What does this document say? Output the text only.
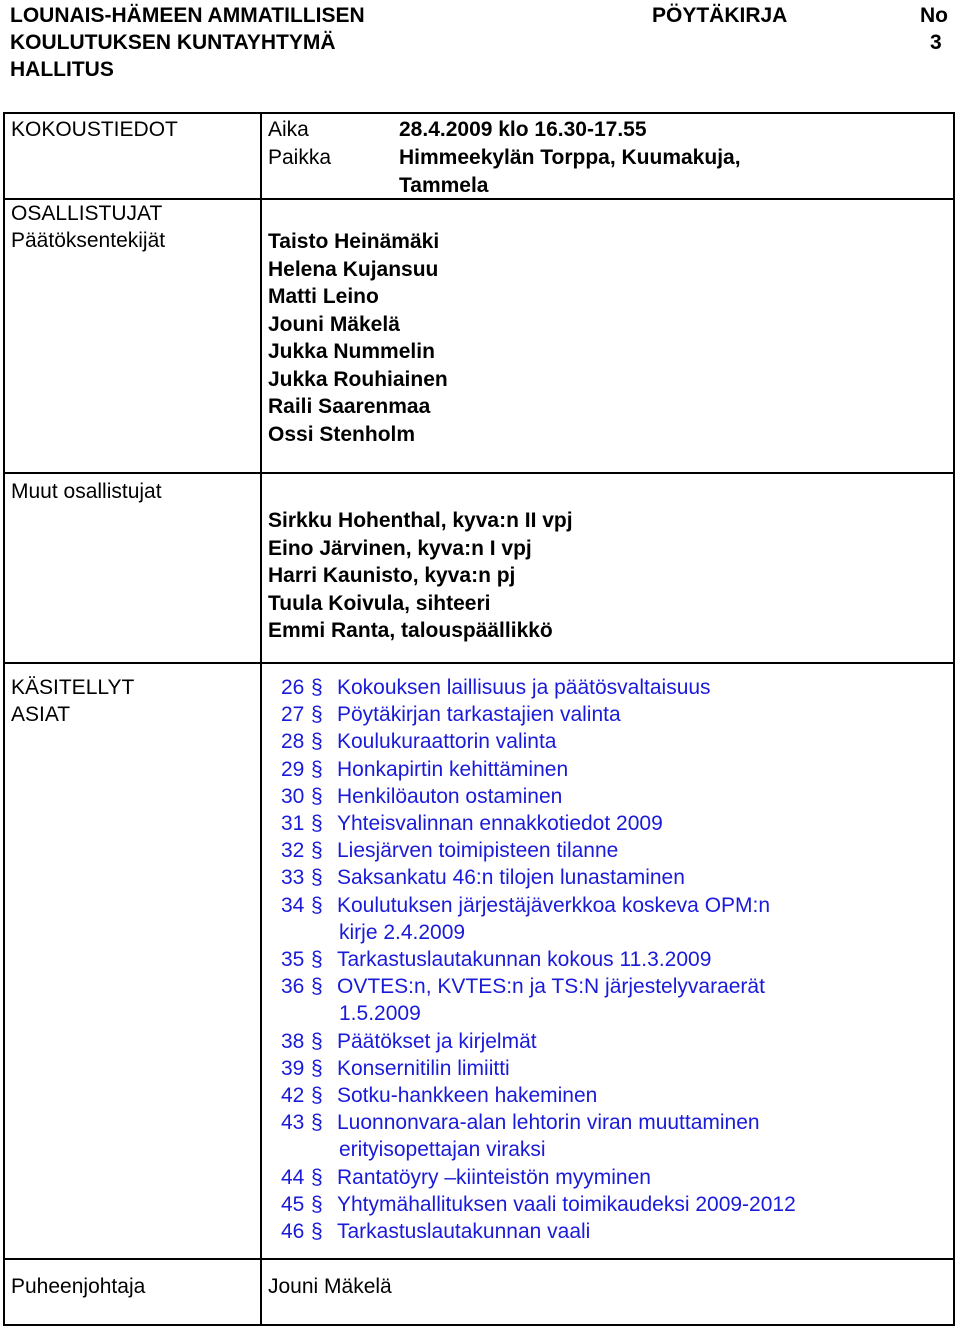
LOUNAIS-HÄMEEN AMMATILLISEN	PÖYTÄKIRJA	No
KOULUTUKSEN KUNTAYHTYMÄ	3
HALLITUS
KOKOUSTIEDOT	Aika	28.4.2009 klo 16.30-17.55
Paikka	Himmeekylän Torppa, Kuumakuja,
Tammela
OSALLISTUJAT
Päätöksentekijät	Taisto Heinämäki
Helena Kujansuu
Matti Leino
Jouni Mäkelä
Jukka Nummelin
Jukka Rouhiainen
Raili Saarenmaa
Ossi Stenholm
Muut osallistujat
Sirkku Hohenthal, kyva:n II vpj
Eino Järvinen, kyva:n I vpj
Harri Kaunisto, kyva:n pj
Tuula Koivula, sihteeri
Emmi Ranta, talouspäällikkö
KÄSITELLYT
ASIAT
26 § Kokouksen laillisuus ja päätösvaltaisuus
27 § Pöytäkirjan tarkastajien valinta
28 § Koulukuraattorin valinta
29 § Honkapirtin kehittäminen
30 § Henkilöauton ostaminen
31 § Yhteisvalinnan ennakkotiedot 2009
32 § Liesjärven toimipisteen tilanne
33 § Saksankatu 46:n tilojen lunastaminen
34 § Koulutuksen järjestäjäverkkoa koskeva OPM:n
kirje 2.4.2009
35 § Tarkastuslautakunnan kokous 11.3.2009
36 § OVTES:n, KVTES:n ja TS:N järjestelyvaraerät
1.5.2009
38 § Päätökset ja kirjelmät
39 § Konsernitilin limiitti
42 § Sotku-hankkeen hakeminen
43 § Luonnonvara-alan lehtorin viran muuttaminen
erityisopettajan viraksi
44 § Rantatöyry –kiinteistön myyminen
45 § Yhtymähallituksen vaali toimikaudeksi 2009-2012
46 § Tarkastuslautakunnan vaali
Puheenjohtaja	Jouni Mäkelä
